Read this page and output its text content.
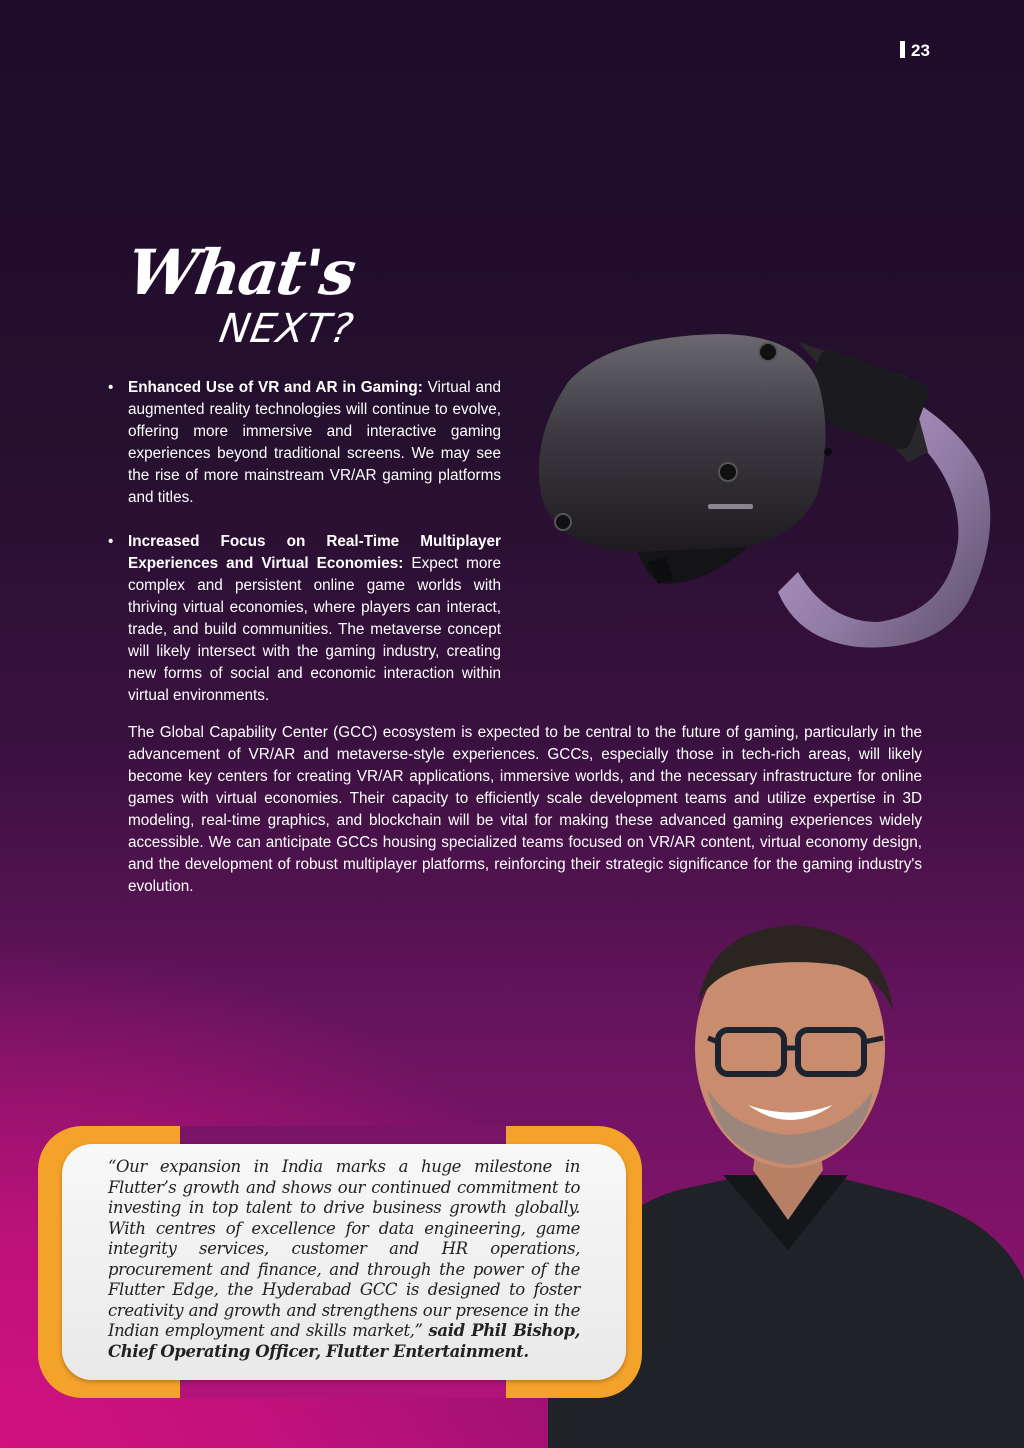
23
What's
NEXT?
• Enhanced Use of VR and AR in Gaming: Virtual and augmented reality technologies will continue to evolve, offering more immersive and interactive gaming experiences beyond traditional screens. We may see the rise of more mainstream VR/AR gaming platforms and titles.
• Increased Focus on Real-Time Multiplayer Experiences and Virtual Economies: Expect more complex and persistent online game worlds with thriving virtual economies, where players can interact, trade, and build communities. The metaverse concept will likely intersect with the gaming industry, creating new forms of social and economic interaction within virtual environments.

The Global Capability Center (GCC) ecosystem is expected to be central to the future of gaming, particularly in the advancement of VR/AR and metaverse-style experiences. GCCs, especially those in tech-rich areas, will likely become key centers for creating VR/AR applications, immersive worlds, and the necessary infrastructure for online games with virtual economies. Their capacity to efficiently scale development teams and utilize expertise in 3D modeling, real-time graphics, and blockchain will be vital for making these advanced gaming experiences widely accessible. We can anticipate GCCs housing specialized teams focused on VR/AR content, virtual economy design, and the development of robust multiplayer platforms, reinforcing their strategic significance for the gaming industry's evolution.

“Our expansion in India marks a huge milestone in Flutter’s growth and shows our continued commitment to investing in top talent to drive business growth globally. With centres of excellence for data engineering, game integrity services, customer and HR operations, procurement and finance, and through the power of the Flutter Edge, the Hyderabad GCC is designed to foster creativity and growth and strengthens our presence in the Indian employment and skills market,” said Phil Bishop, Chief Operating Officer, Flutter Entertainment.
